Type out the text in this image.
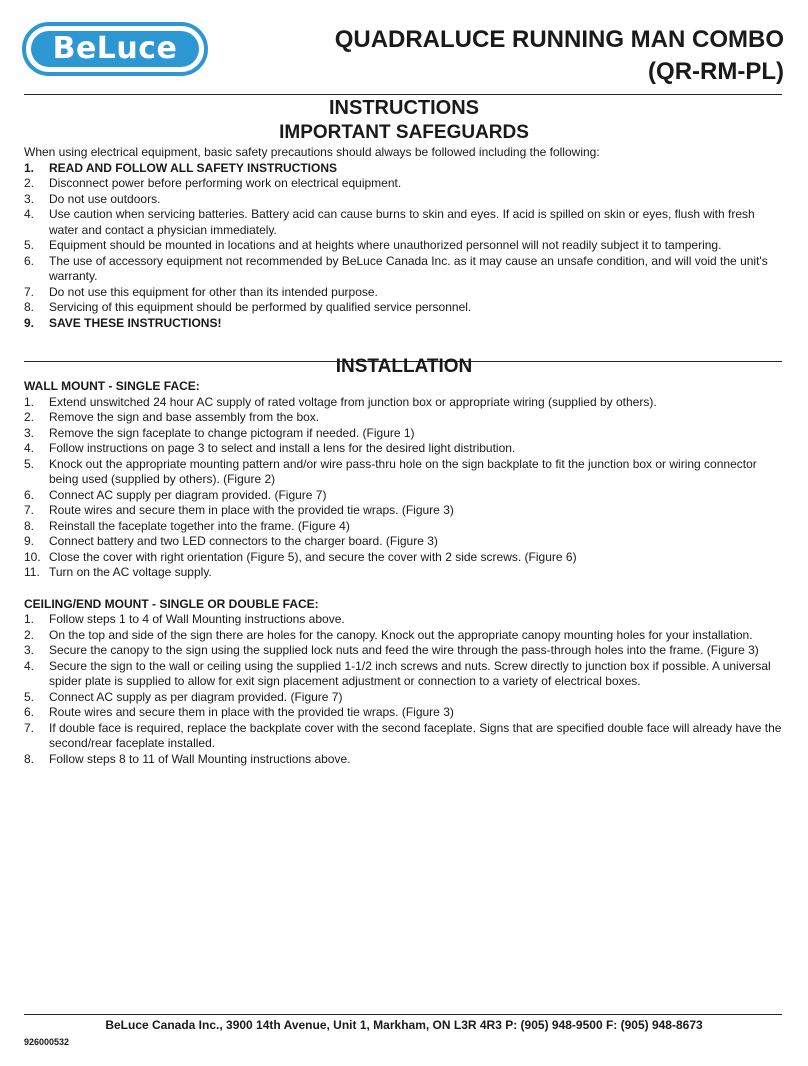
BeLuce	QUADRALUCE RUNNING MAN COMBO
(QR-RM-PL)
INSTRUCTIONS
IMPORTANT SAFEGUARDS

When using electrical equipment, basic safety precautions should always be followed including the following:

1.	READ AND FOLLOW ALL SAFETY INSTRUCTIONS
2.	Disconnect power before performing work on electrical equipment.
3.	Do not use outdoors.
4.	Use caution when servicing batteries. Battery acid can cause burns to skin and eyes. If acid is spilled on skin or eyes, flush with fresh water and contact a physician immediately.
5.	Equipment should be mounted in locations and at heights where unauthorized personnel will not readily subject it to tampering.
6.	The use of accessory equipment not recommended by BeLuce Canada Inc. as it may cause an unsafe condition, and will void the unit's warranty.
7.	Do not use this equipment for other than its intended purpose.
8.	Servicing of this equipment should be performed by qualified service personnel.
9.	SAVE THESE INSTRUCTIONS!
INSTALLATION

WALL MOUNT - SINGLE FACE:

1.	Extend unswitched 24 hour AC supply of rated voltage from junction box or appropriate wiring (supplied by others).
2.	Remove the sign and base assembly from the box.
3.	Remove the sign faceplate to change pictogram if needed. (Figure 1)
4.	Follow instructions on page 3 to select and install a lens for the desired light distribution.
5.	Knock out the appropriate mounting pattern and/or wire pass-thru hole on the sign backplate to fit the junction box or wiring connector being used (supplied by others). (Figure 2)
6.	Connect AC supply per diagram provided. (Figure 7)
7.	Route wires and secure them in place with the provided tie wraps. (Figure 3)
8.	Reinstall the faceplate together into the frame. (Figure 4)
9.	Connect battery and two LED connectors to the charger board. (Figure 3)
10. Close the cover with right orientation (Figure 5), and secure the cover with 2 side screws. (Figure 6)
11. Turn on the AC voltage supply.

CEILING/END MOUNT - SINGLE OR DOUBLE FACE:

1.	Follow steps 1 to 4 of Wall Mounting instructions above.
2.	On the top and side of the sign there are holes for the canopy. Knock out the appropriate canopy mounting holes for your installation.
3.	Secure the canopy to the sign using the supplied lock nuts and feed the wire through the pass-through holes into the frame. (Figure 3)
4.	Secure the sign to the wall or ceiling using the supplied 1-1/2 inch screws and nuts. Screw directly to junction box if possible. A universal spider plate is supplied to allow for exit sign placement adjustment or connection to a variety of electrical boxes.
5.	Connect AC supply as per diagram provided. (Figure 7)
6.	Route wires and secure them in place with the provided tie wraps. (Figure 3)
7.	If double face is required, replace the backplate cover with the second faceplate. Signs that are specified double face will already have the second/rear faceplate installed.
8.	Follow steps 8 to 11 of Wall Mounting instructions above.
BeLuce Canada Inc., 3900 14th Avenue, Unit 1, Markham, ON L3R 4R3 P: (905) 948-9500 F: (905) 948-8673
926000532
